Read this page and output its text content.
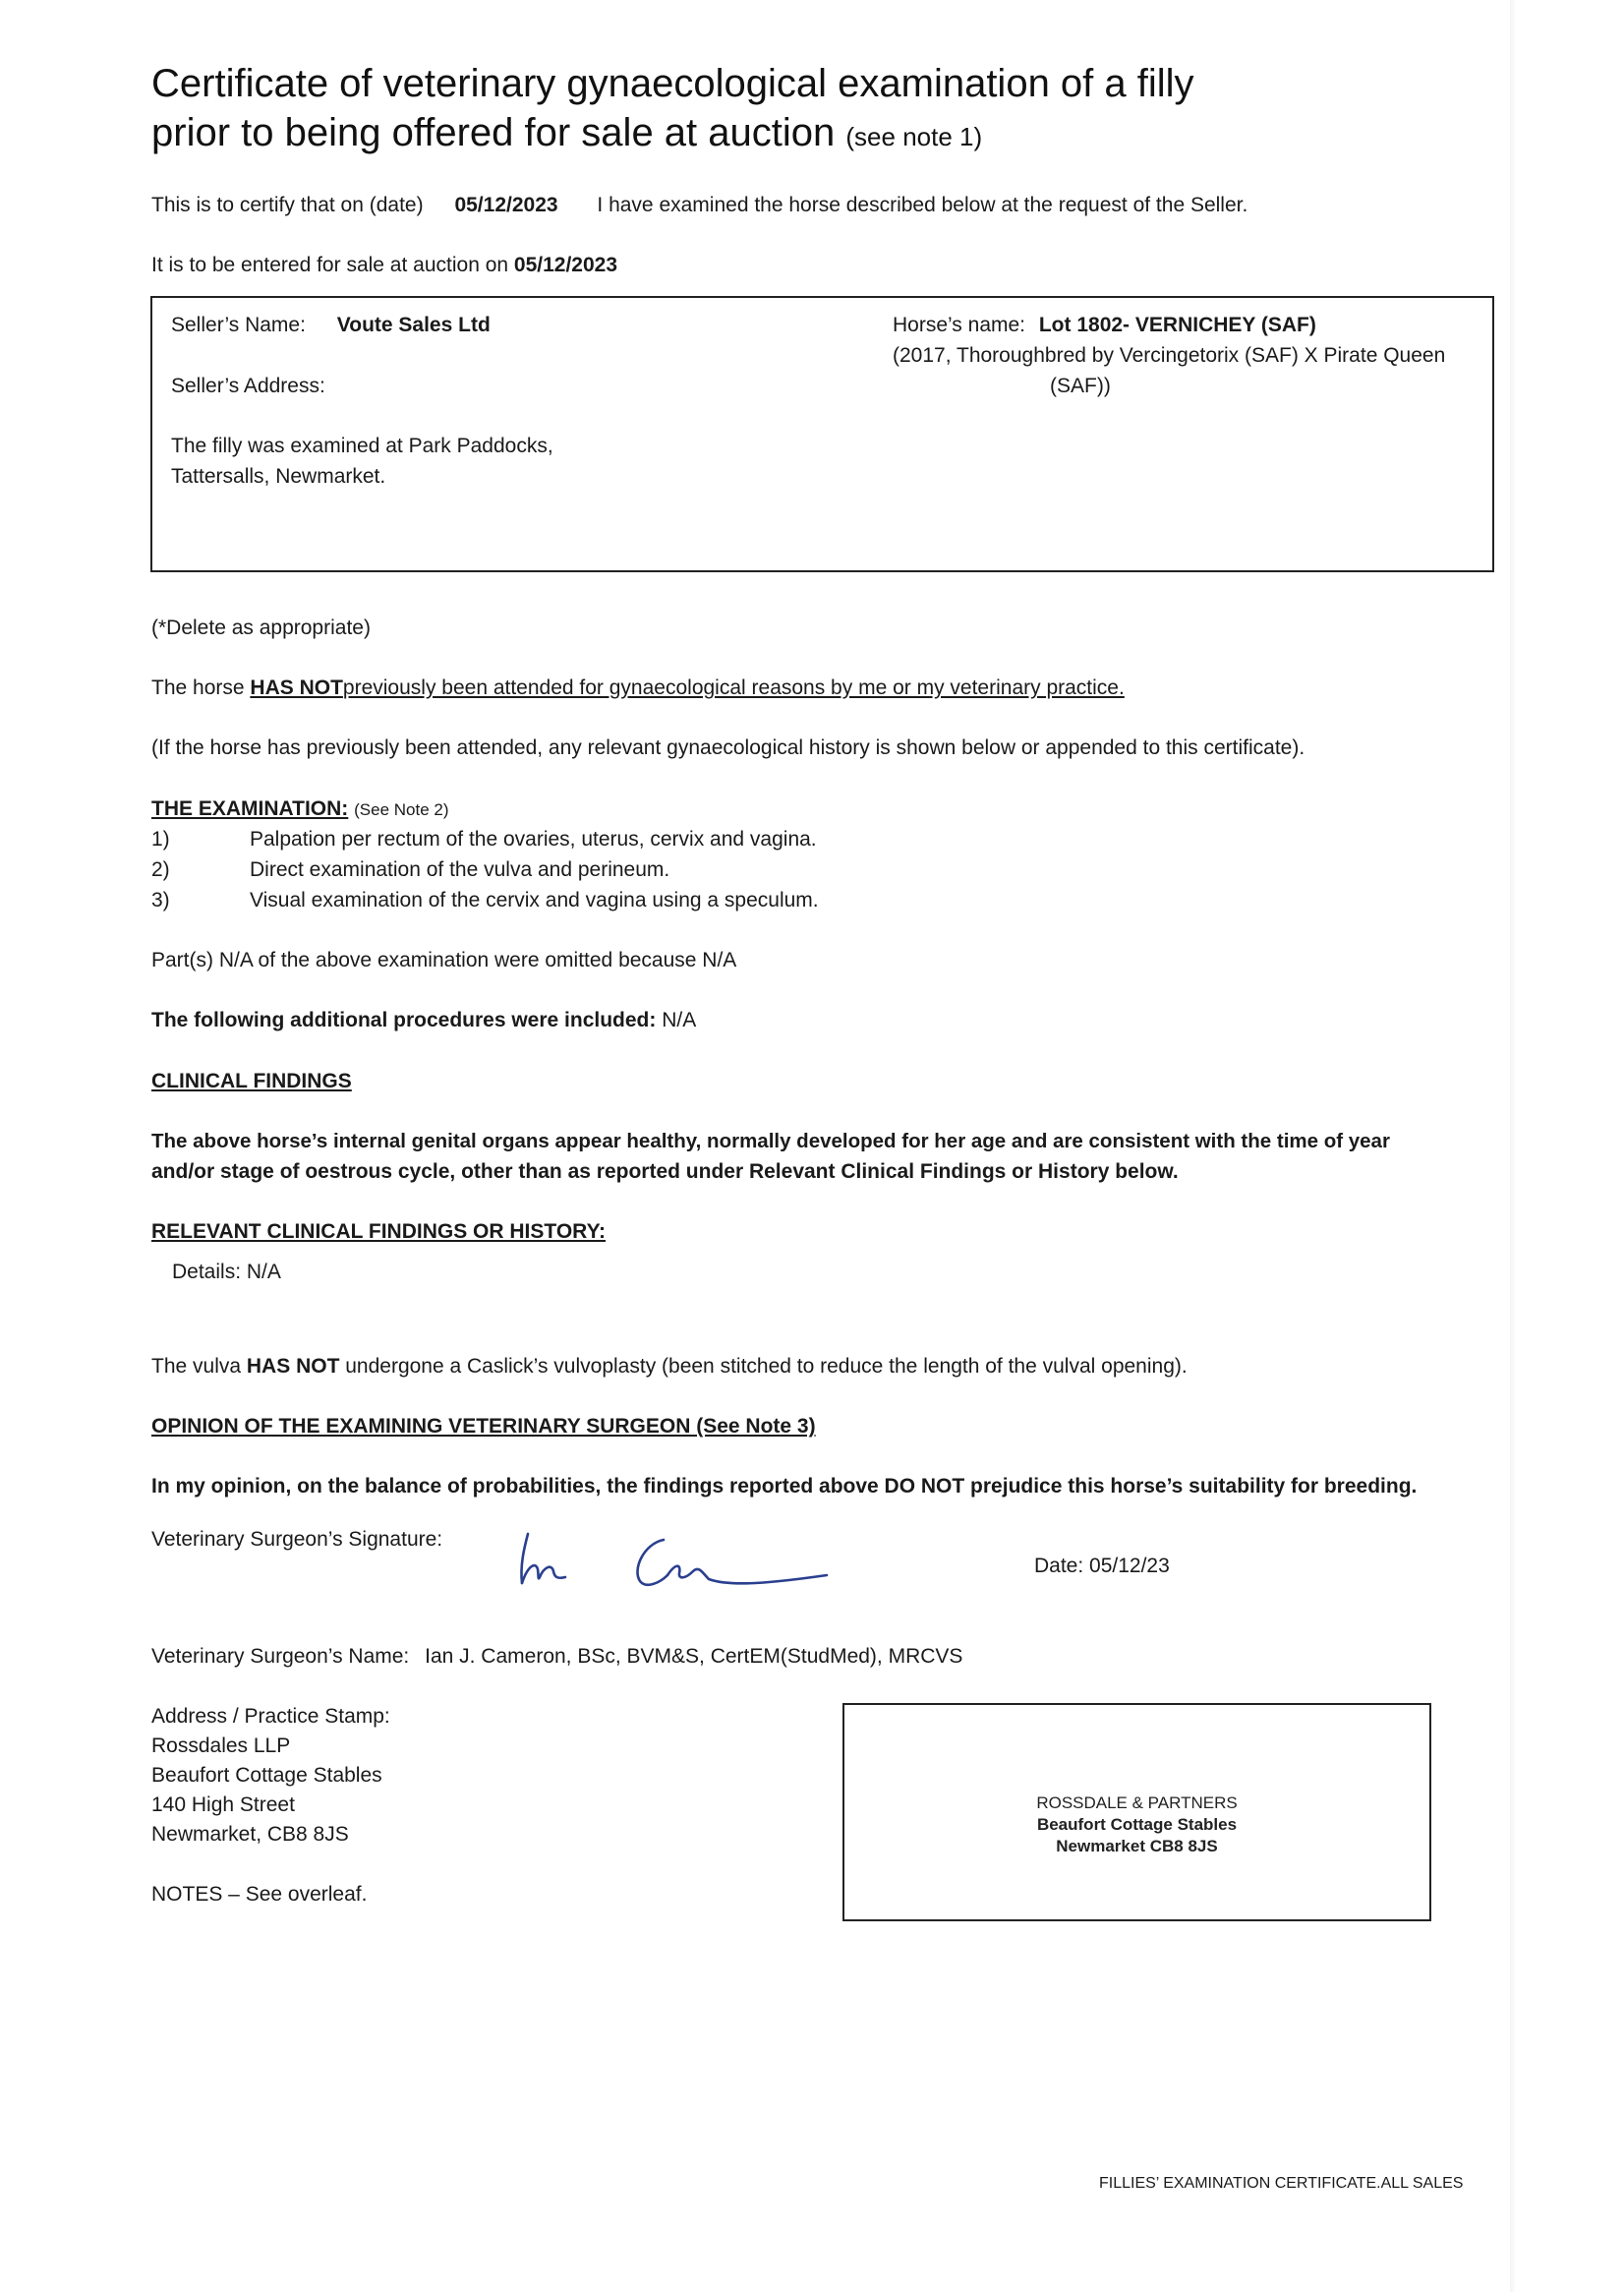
Certificate of veterinary gynaecological examination of a filly
prior to being offered for sale at auction (see note 1)
This is to certify that on (date) 05/12/2023 I have examined the horse described below at the request of the Seller.
It is to be entered for sale at auction on 05/12/2023
Seller’s Name: Voute Sales Ltd
Seller’s Address:
The filly was examined at Park Paddocks,
Tattersalls, Newmarket.
Horse’s name: Lot 1802- VERNICHEY (SAF)
(2017, Thoroughbred by Vercingetorix (SAF) X Pirate Queen
(SAF))
(*Delete as appropriate)
The horse HAS NOTpreviously been attended for gynaecological reasons by me or my veterinary practice.
(If the horse has previously been attended, any relevant gynaecological history is shown below or appended to this certificate).
THE EXAMINATION: (See Note 2)
1)	Palpation per rectum of the ovaries, uterus, cervix and vagina.
2)	Direct examination of the vulva and perineum.
3)	Visual examination of the cervix and vagina using a speculum.
Part(s) N/A of the above examination were omitted because N/A
The following additional procedures were included: N/A
CLINICAL FINDINGS
The above horse’s internal genital organs appear healthy, normally developed for her age and are consistent with the time of year
and/or stage of oestrous cycle, other than as reported under Relevant Clinical Findings or History below.
RELEVANT CLINICAL FINDINGS OR HISTORY:
Details: N/A
The vulva HAS NOT undergone a Caslick’s vulvoplasty (been stitched to reduce the length of the vulval opening).
OPINION OF THE EXAMINING VETERINARY SURGEON (See Note 3)
In my opinion, on the balance of probabilities, the findings reported above DO NOT prejudice this horse’s suitability for breeding.
Veterinary Surgeon’s Signature:
Date: 05/12/23
Veterinary Surgeon’s Name: Ian J. Cameron, BSc, BVM&S, CertEM(StudMed), MRCVS
Address / Practice Stamp:
Rossdales LLP
Beaufort Cottage Stables
140 High Street
Newmarket, CB8 8JS
ROSSDALE & PARTNERS
Beaufort Cottage Stables
Newmarket CB8 8JS
NOTES – See overleaf.
FILLIES’ EXAMINATION CERTIFICATE.ALL SALES
